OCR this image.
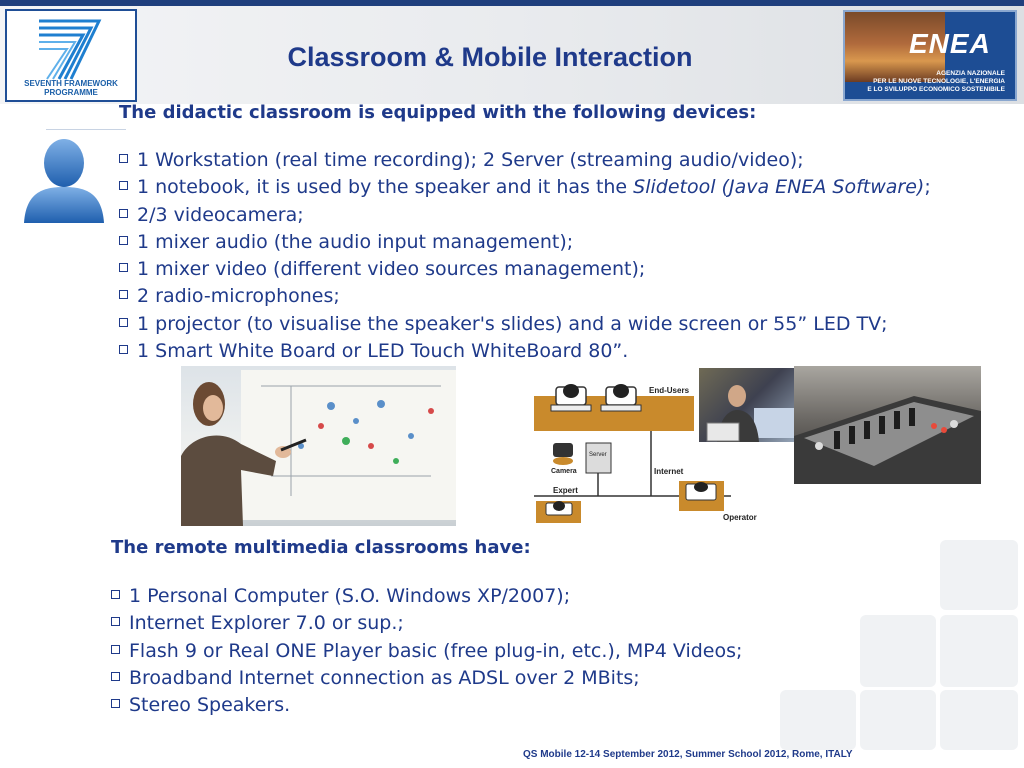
SEVENTH FRAMEWORK
PROGRAMME
Classroom & Mobile Interaction	ENEA
AGENZIA NAZIONALE
PER LE NUOVE TECNOLOGIE, L'ENERGIA
E LO SVILUPPO ECONOMICO SOSTENIBILE
The didactic classroom is equipped with the following devices:
1 Workstation (real time recording); 2 Server (streaming audio/video);
1 notebook, it is used by the speaker and it has the Slidetool (Java ENEA Software);
2/3 videocamera;
1 mixer audio (the audio input management);
1 mixer video (different video sources management);
2 radio-microphones;
1 projector (to visualise the speaker's slides) and a wide screen or 55” LED TV;
1 Smart White Board or LED Touch WhiteBoard 80”.
End-Users
Server
Camera	Internet
Expert
Operator
The remote multimedia classrooms have:
1 Personal Computer (S.O. Windows XP/2007);
Internet Explorer 7.0 or sup.;
Flash 9 or Real ONE Player basic (free plug-in, etc.), MP4 Videos;
Broadband Internet connection as ADSL over 2 MBits;
Stereo Speakers.
QS Mobile 12-14 September 2012, Summer School 2012, Rome, ITALY
